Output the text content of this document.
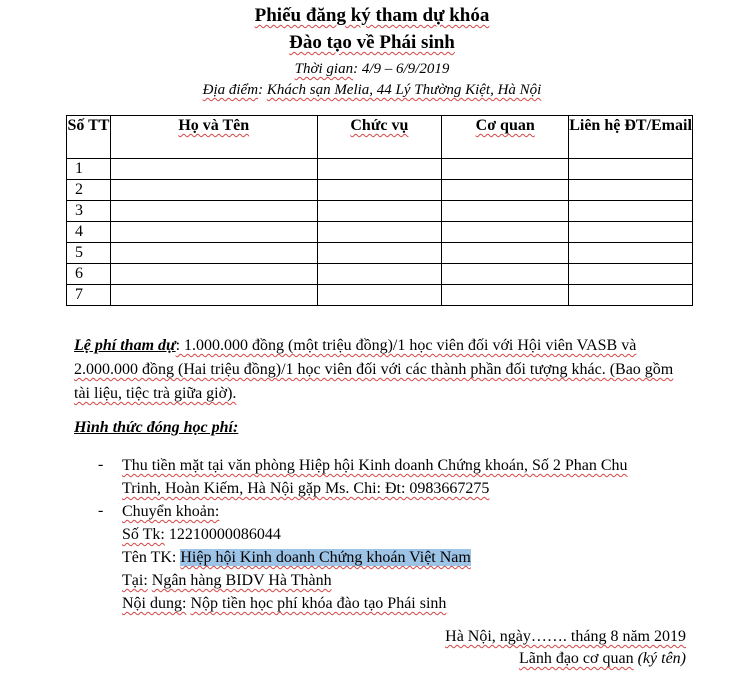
Phiếu đăng ký tham dự khóa
Đào tạo về Phái sinh
Thời gian: 4/9 – 6/9/2019
Địa điểm: Khách sạn Melia, 44 Lý Thường Kiệt, Hà Nội
Số TT	Họ và Tên	Chức vụ	Cơ quan	Liên hệ ĐT/Email
1				
2				
3				
4				
5				
6				
7				
Lệ phí tham dự: 1.000.000 đồng (một triệu đồng)/1 học viên đối với Hội viên VASB và 2.000.000 đồng (Hai triệu đồng)/1 học viên đối với các thành phần đối tượng khác. (Bao gồm tài liệu, tiệc trà giữa giờ).
Hình thức đóng học phí:
- Thu tiền mặt tại văn phòng Hiệp hội Kinh doanh Chứng khoán, Số 2 Phan Chu
Trinh, Hoàn Kiếm, Hà Nội gặp Ms. Chi: Đt: 0983667275
- Chuyển khoản:
Số Tk: 12210000086044
Tên TK: Hiệp hội Kinh doanh Chứng khoán Việt Nam
Tại: Ngân hàng BIDV Hà Thành
Nội dung: Nộp tiền học phí khóa đào tạo Phái sinh
Hà Nội, ngày……. tháng 8 năm 2019
Lãnh đạo cơ quan (ký tên)
